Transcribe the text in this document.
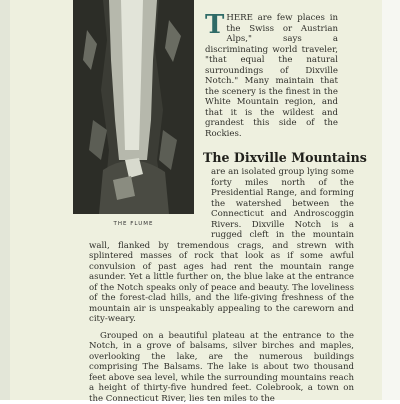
THE FLUME
THERE are few places in the Swiss or Austrian Alps," says a discriminating world traveler, "that equal the natural surroundings of Dixville Notch." Many maintain that the scenery is the finest in the White Mountain region, and that it is the wildest and grandest this side of the Rockies.
The Dixville Mountains

are an isolated group lying some forty miles north of the Presidential Range, and forming the watershed between the Connecticut and Androscoggin Rivers. Dixville Notch is a rugged cleft in the mountain wall, flanked by tremendous crags, and strewn with splintered masses of rock that look as if some awful convulsion of past ages had rent the mountain range asunder. Yet a little further on, the blue lake at the entrance of the Notch speaks only of peace and beauty. The loveliness of the forest-clad hills, and the life-giving freshness of the mountain air is unspeakably appealing to the careworn and city-weary.

Grouped on a beautiful plateau at the entrance to the Notch, in a grove of balsams, silver birches and maples, overlooking the lake, are the numerous buildings comprising The Balsams. The lake is about two thousand feet above sea level, while the surrounding mountains reach a height of thirty-five hundred feet. Colebrook, a town on the Connecticut River, lies ten miles to the
